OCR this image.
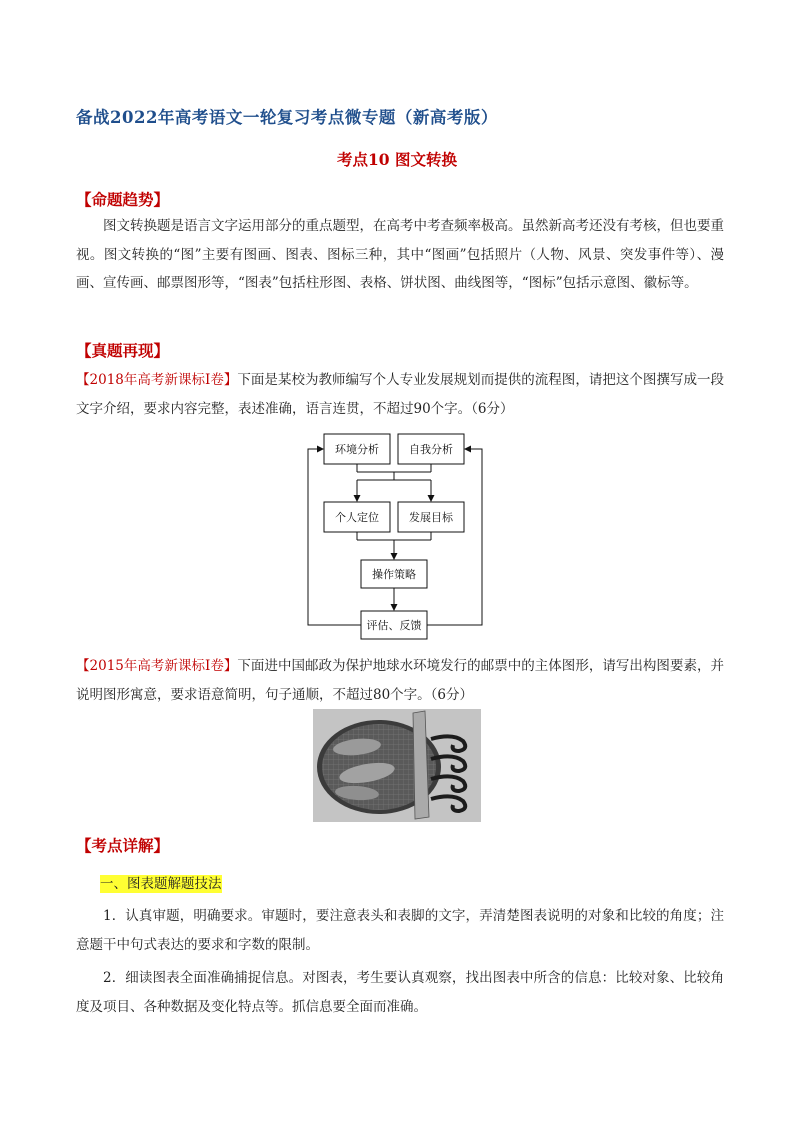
备战2022年高考语文一轮复习考点微专题（新高考版）
考点10 图文转换
【命题趋势】
图文转换题是语言文字运用部分的重点题型，在高考中考查频率极高。虽然新高考还没有考核，但也要重视。图文转换的“图”主要有图画、图表、图标三种，其中“图画”包括照片（人物、风景、突发事件等）、漫画、宣传画、邮票图形等，“图表”包括柱形图、表格、饼状图、曲线图等，“图标”包括示意图、徽标等。
【真题再现】
【2018年高考新课标Ⅰ卷】下面是某校为教师编写个人专业发展规划而提供的流程图，请把这个图撰写成一段文字介绍，要求内容完整，表述准确，语言连贯，不超过90个字。（6分）
环境分析	自我分析
个人定位	发展目标
操作策略
评估、反馈
【2015年高考新课标Ⅰ卷】下面进中国邮政为保护地球水环境发行的邮票中的主体图形，请写出构图要素，并说明图形寓意，要求语意简明，句子通顺，不超过80个字。（6分）
【考点详解】
一、图表题解题技法
1．认真审题，明确要求。审题时，要注意表头和表脚的文字，弄清楚图表说明的对象和比较的角度；注意题干中句式表达的要求和字数的限制。
2．细读图表全面准确捕捉信息。对图表，考生要认真观察，找出图表中所含的信息：比较对象、比较角度及项目、各种数据及变化特点等。抓信息要全面而准确。
